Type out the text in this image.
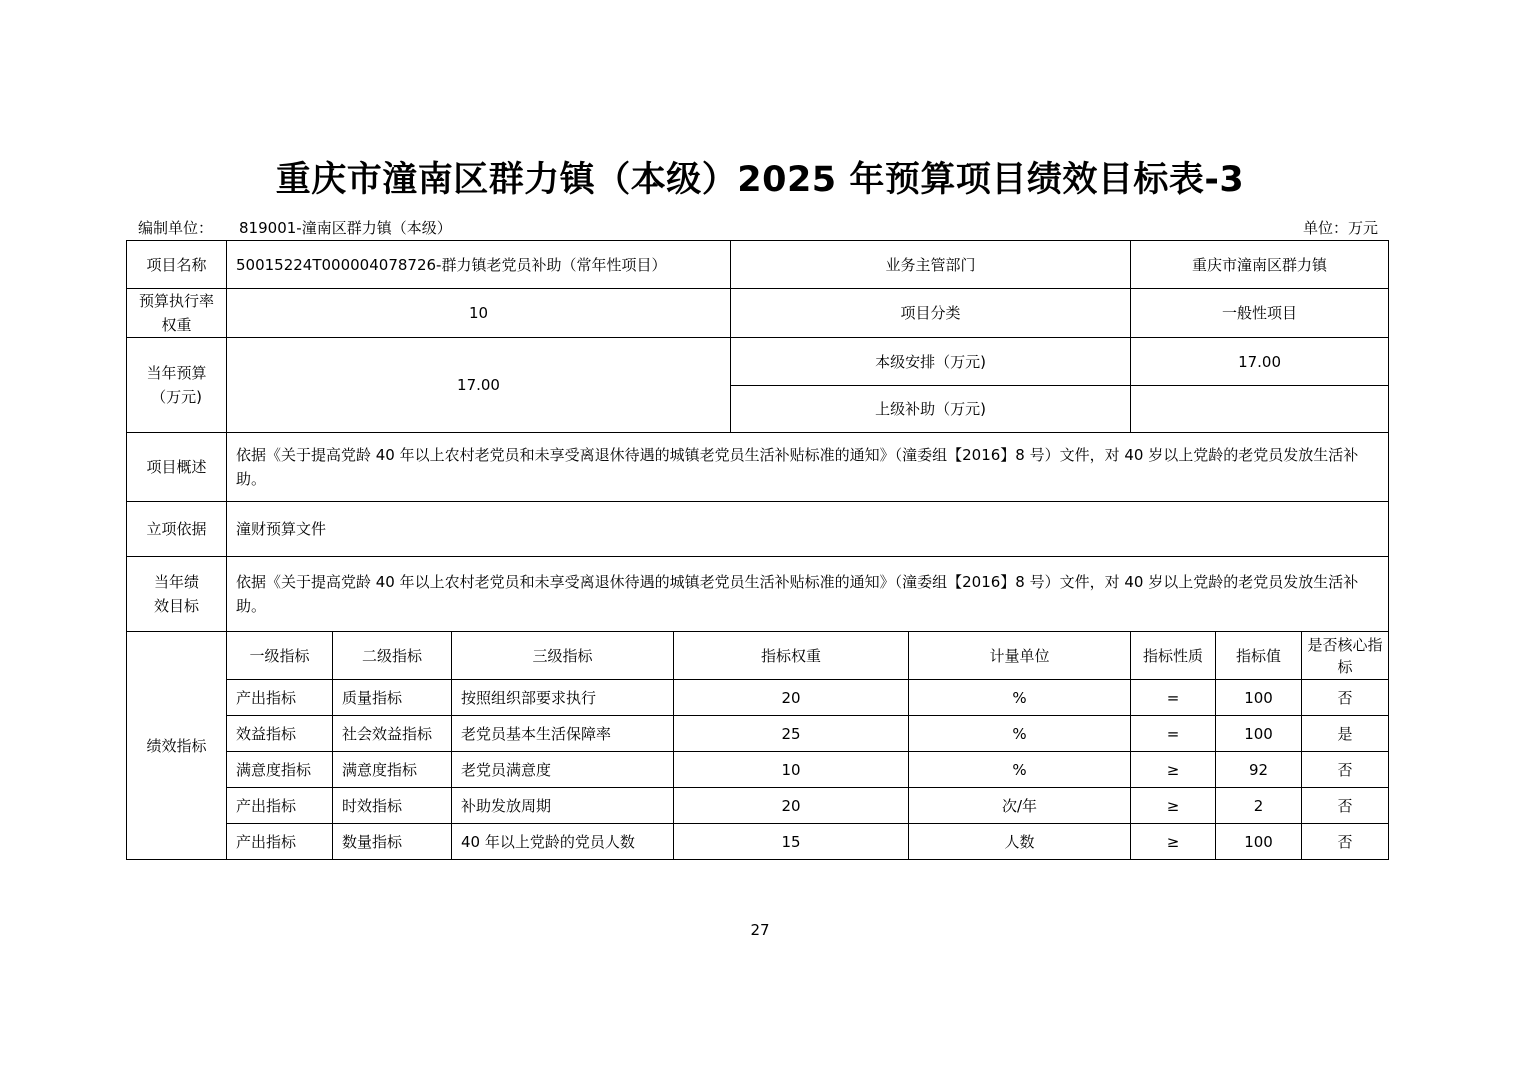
重庆市潼南区群力镇（本级）2025 年预算项目绩效目标表-3
编制单位： 819001-潼南区群力镇（本级）	单位：万元
项目名称	50015224T000004078726-群力镇老党员补助（常年性项目）				业务主管部门		重庆市潼南区群力镇		
预算执行率权重	10				项目分类		一般性项目		
当年预算（万元)	17.00				本级安排（万元)		17.00		
					上级补助（万元)				
项目概述	依据《关于提高党龄 40 年以上农村老党员和未享受离退休待遇的城镇老党员生活补贴标准的通知》（潼委组【2016】8 号）文件，对 40 岁以上党龄的老党员发放生活补助。								
立项依据	潼财预算文件								
当年绩效目标	依据《关于提高党龄 40 年以上农村老党员和未享受离退休待遇的城镇老党员生活补贴标准的通知》（潼委组【2016】8 号）文件，对 40 岁以上党龄的老党员发放生活补助。								
绩效指标	一级指标	二级指标	三级指标	指标权重		计量单位	指标性质	指标值	是否核心指标
	产出指标	质量指标	按照组织部要求执行	20		%	=	100	否
	效益指标	社会效益指标	老党员基本生活保障率	25		%	=	100	是
	满意度指标	满意度指标	老党员满意度	10		%	≥	92	否
	产出指标	时效指标	补助发放周期	20		次/年	≥	2	否
	产出指标	数量指标	40 年以上党龄的党员人数	15		人数	≥	100	否
27
